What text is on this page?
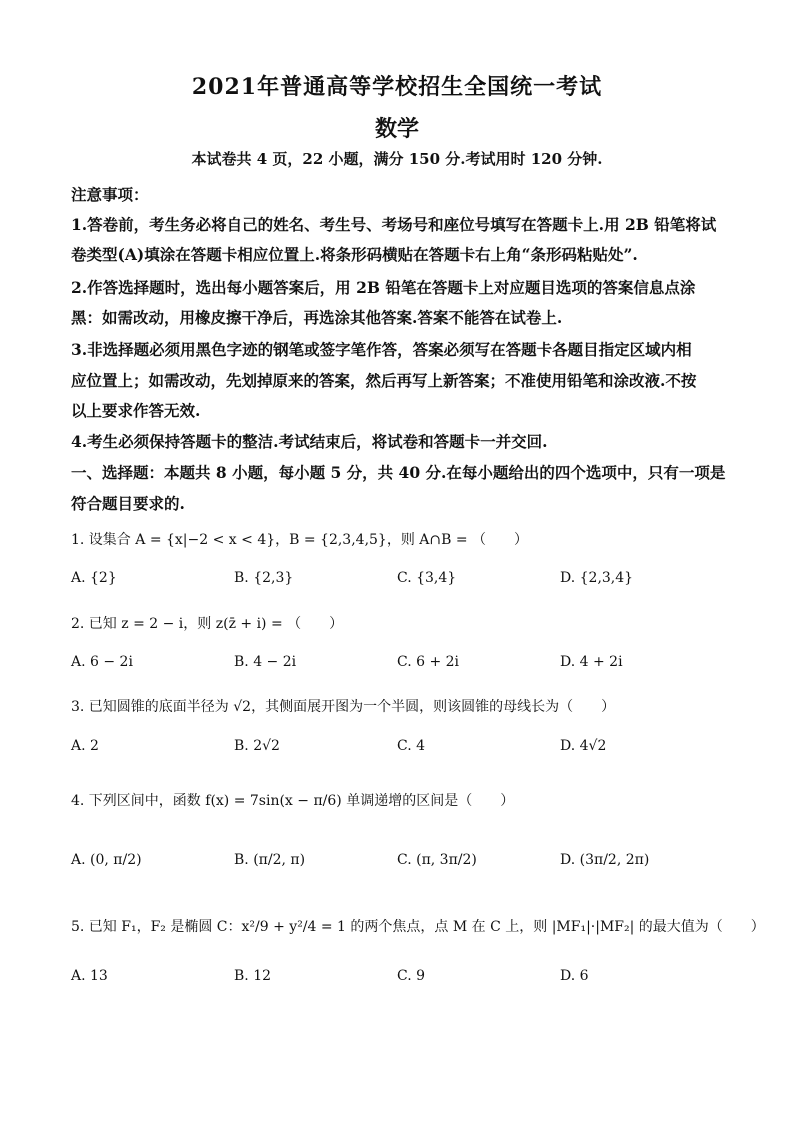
2021年普通高等学校招生全国统一考试
数学
本试卷共 4 页，22 小题，满分 150 分.考试用时 120 分钟.
注意事项：
1.答卷前，考生务必将自己的姓名、考生号、考场号和座位号填写在答题卡上.用 2B 铅笔将试
卷类型(A)填涂在答题卡相应位置上.将条形码横贴在答题卡右上角“条形码粘贴处”.
2.作答选择题时，选出每小题答案后，用 2B 铅笔在答题卡上对应题目选项的答案信息点涂
黑：如需改动，用橡皮擦干净后，再选涂其他答案.答案不能答在试卷上.
3.非选择题必须用黑色字迹的钢笔或签字笔作答，答案必须写在答题卡各题目指定区域内相
应位置上；如需改动，先划掉原来的答案，然后再写上新答案；不准使用铅笔和涂改液.不按
以上要求作答无效.
4.考生必须保持答题卡的整洁.考试结束后，将试卷和答题卡一并交回.
一、选择题：本题共 8 小题，每小题 5 分，共 40 分.在每小题给出的四个选项中，只有一项是
符合题目要求的.
1. 设集合 A = {x|−2 < x < 4}，B = {2,3,4,5}，则 A∩B = （　　）
A. {2}	B. {2,3}	C. {3,4}	D. {2,3,4}
2. 已知 z = 2 − i，则 z(z̄ + i) = （　　）
A. 6 − 2i	B. 4 − 2i	C. 6 + 2i	D. 4 + 2i
3. 已知圆锥的底面半径为 √2，其侧面展开图为一个半圆，则该圆锥的母线长为（　　）
A. 2	B. 2√2	C. 4	D. 4√2
4. 下列区间中，函数 f(x) = 7sin(x − π/6) 单调递增的区间是（　　）
A. (0, π/2)	B. (π/2, π)	C. (π, 3π/2)	D. (3π/2, 2π)
5. 已知 F₁，F₂ 是椭圆 C：x²/9 + y²/4 = 1 的两个焦点，点 M 在 C 上，则 |MF₁|·|MF₂| 的最大值为（　　）
A. 13	B. 12	C. 9	D. 6
